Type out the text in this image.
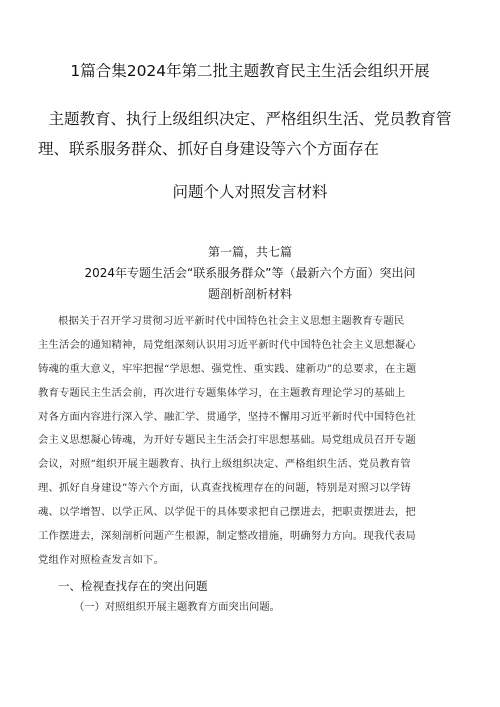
1篇合集2024年第二批主题教育民主生活会组织开展
主题教育、执行上级组织决定、严格组织生活、党员教育管
理、联系服务群众、抓好自身建设等六个方面存在
问题个人对照发言材料
第一篇，共七篇
2024年专题生活会“联系服务群众”等（最新六个方面）突出问
题剖析剖析材料
根据关于召开学习贯彻习近平新时代中国特色社会主义思想主题教育专题民
主生活会的通知精神，局党组深刻认识用习近平新时代中国特色社会主义思想凝心
铸魂的重大意义，牢牢把握“学思想、强党性、重实践、建新功”的总要求，在主题
教育专题民主生活会前，再次进行专题集体学习，在主题教育理论学习的基础上
对各方面内容进行深入学、融汇学、贯通学，坚持不懈用习近平新时代中国特色社
会主义思想凝心铸魂，为开好专题民主生活会打牢思想基础。局党组成员召开专题
会议，对照“组织开展主题教育、执行上级组织决定、严格组织生活、党员教育管
理、抓好自身建设”等六个方面，认真查找梳理存在的问题，特别是对照习以学铸
魂、以学增智、以学正风、以学促干的具体要求把自己摆进去，把职责摆进去，把
工作摆进去，深刻剖析问题产生根源，制定整改措施，明确努力方向。现我代表局
党组作对照检查发言如下。
一、检视查找存在的突出问题
（一）对照组织开展主题教育方面突出问题。
